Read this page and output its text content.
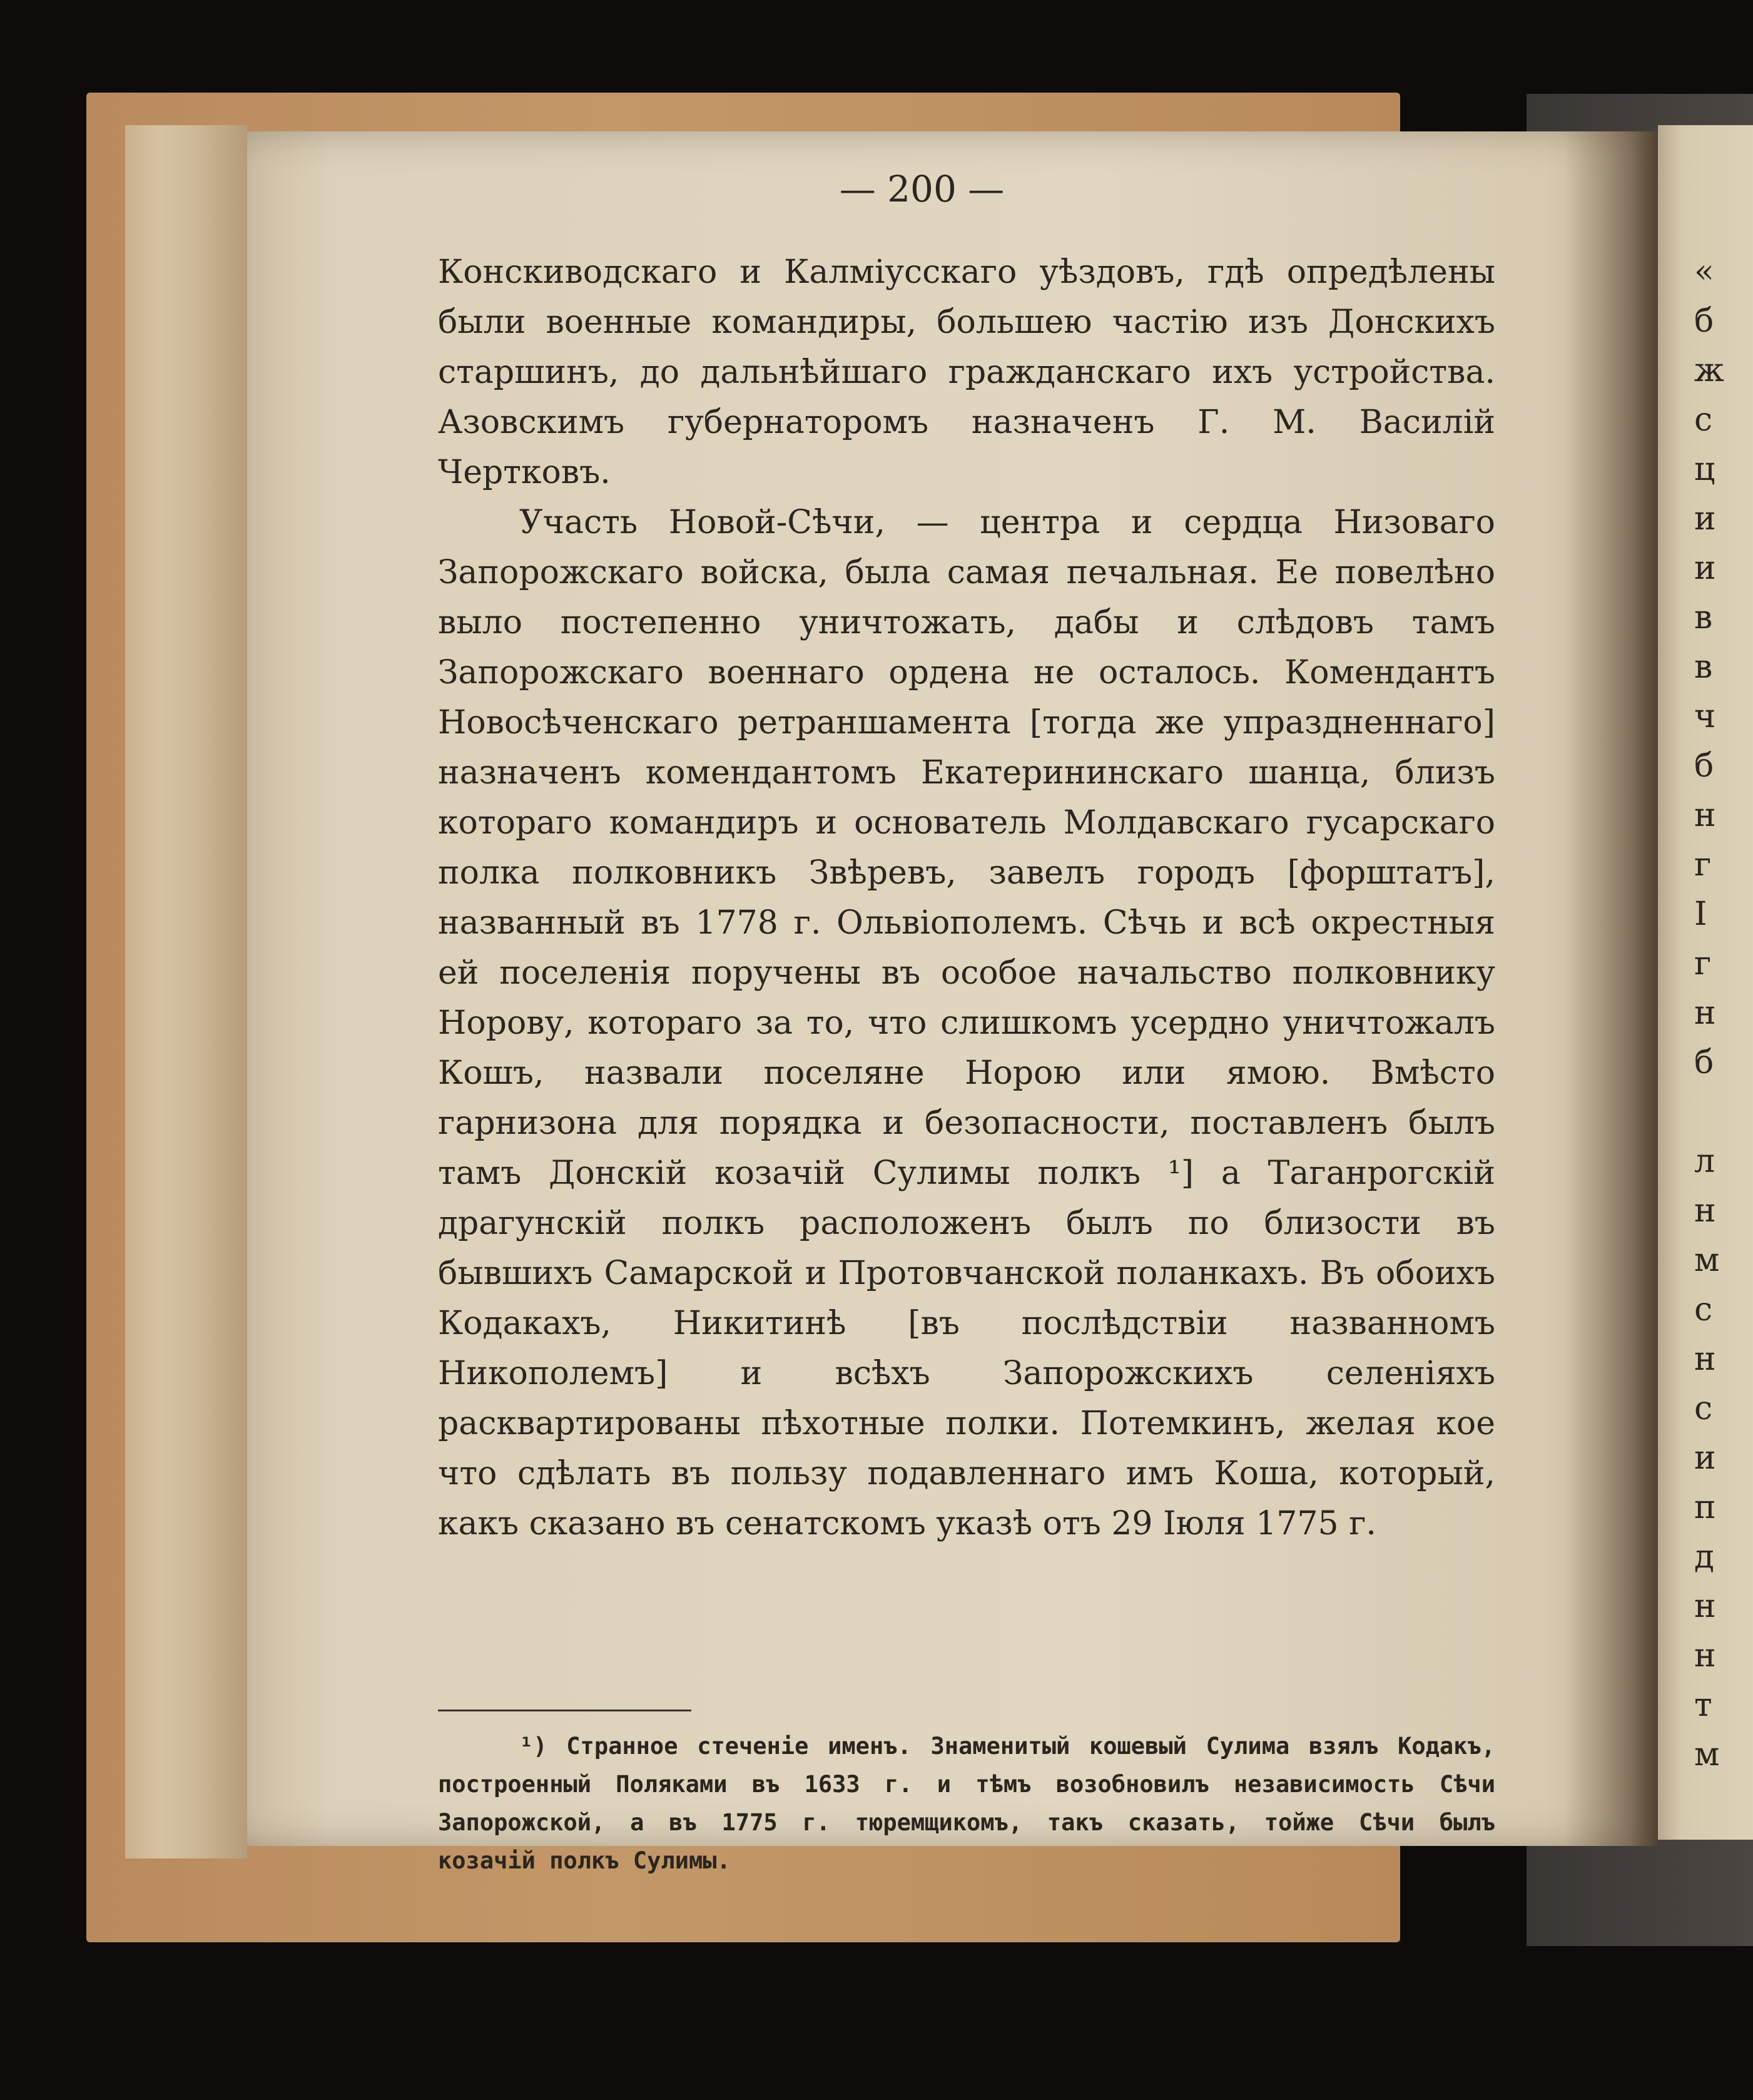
— 200 —

Конскиводскаго и Калміусскаго уѣздовъ, гдѣ опредѣлены были военные командиры, большею частію изъ Донскихъ старшинъ, до дальнѣйшаго гражданскаго ихъ устройства. Азовскимъ губернаторомъ назначенъ Г. М. Василій Чертковъ.

Участь Новой-Сѣчи, — центра и сердца Низоваго Запорожскаго войска, была самая печальная. Ее повелѣно выло постепенно уничтожать, дабы и слѣдовъ тамъ Запорожскаго военнаго ордена не осталось. Комендантъ Новосѣченскаго ретраншамента [тогда же упраздненнаго] назначенъ комендантомъ Екатерининскаго шанца, близъ котораго командиръ и основатель Молдавскаго гусарскаго полка полковникъ Звѣревъ, завелъ городъ [форштатъ], названный въ 1778 г. Ольвіополемъ. Сѣчь и всѣ окрестныя ей поселенія поручены въ особое начальство полковнику Норову, котораго за то, что слишкомъ усердно уничтожалъ Кошъ, назвали поселяне Норою или ямою. Вмѣсто гарнизона для порядка и безопасности, поставленъ былъ тамъ Донскій козачій Сулимы полкъ ¹] а Таганрогскій драгунскій полкъ расположенъ былъ по близости въ бывшихъ Самарской и Протовчанской поланкахъ. Въ обоихъ Кодакахъ, Никитинѣ [въ послѣдствіи названномъ Никополемъ] и всѣхъ Запорожскихъ селеніяхъ расквартированы пѣхотные полки. Потемкинъ, желая кое что сдѣлать въ пользу подавленнаго имъ Коша, который, какъ сказано въ сенатскомъ указѣ отъ 29 Іюля 1775 г.

¹) Странное стеченіе именъ. Знаменитый кошевый Сулима взялъ Кодакъ, построенный Поляками въ 1633 г. и тѣмъ возобновилъ независимость Сѣчи Запорожской, а въ 1775 г. тюремщикомъ, такъ сказать, тойже Сѣчи былъ козачій полкъ Сулимы.
«
б
ж
с
ц
и
и
в
в
ч
б
н
г
І
г
н
б
л
н
м
с
н
с
и
п
д
н
н
т
м
